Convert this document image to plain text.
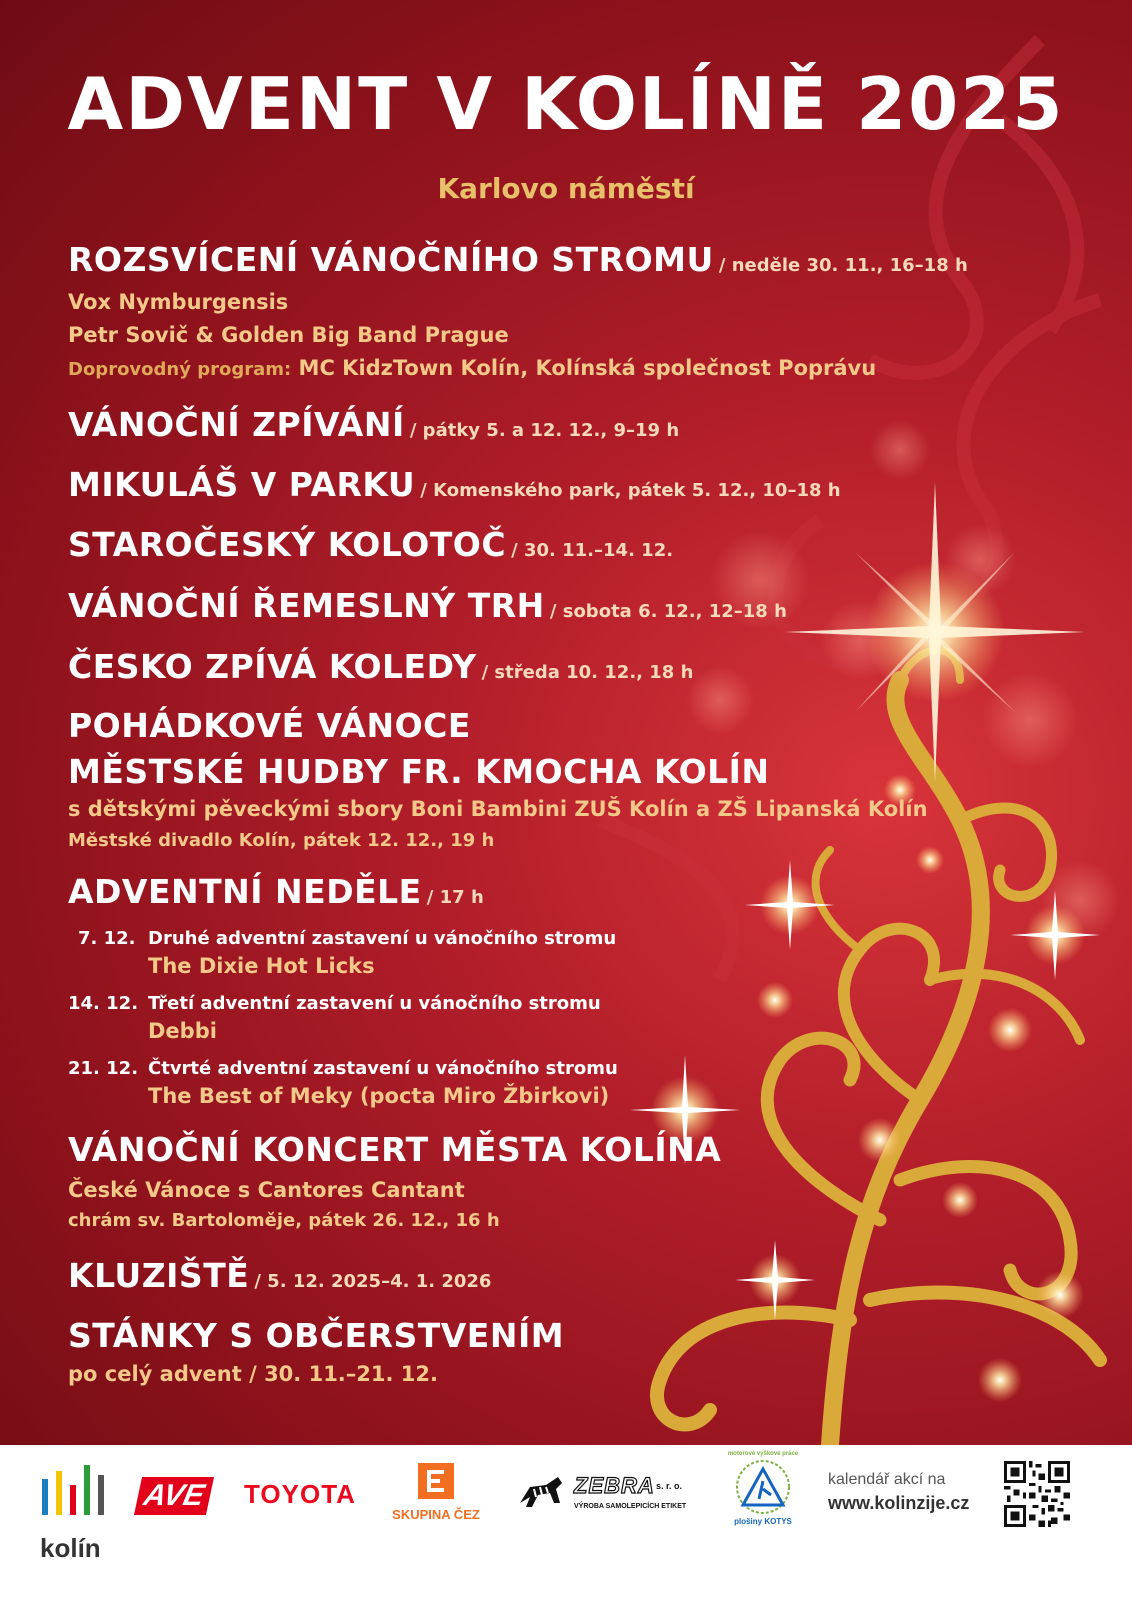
ADVENT V KOLÍNĚ 2025
Karlovo náměstí
ROZSVÍCENÍ VÁNOČNÍHO STROMU / neděle 30. 11., 16–18 h
Vox Nymburgensis
Petr Sovič & Golden Big Band Prague
Doprovodný program: MC KidzTown Kolín, Kolínská společnost Poprávu
VÁNOČNÍ ZPÍVÁNÍ / pátky 5. a 12. 12., 9–19 h
MIKULÁŠ V PARKU / Komenského park, pátek 5. 12., 10–18 h
STAROČESKÝ KOLOTOČ / 30. 11.–14. 12.
VÁNOČNÍ ŘEMESLNÝ TRH / sobota 6. 12., 12–18 h
ČESKO ZPÍVÁ KOLEDY / středa 10. 12., 18 h
POHÁDKOVÉ VÁNOCE
MĚSTSKÉ HUDBY FR. KMOCHA KOLÍN
s dětskými pěveckými sbory Boni Bambini ZUŠ Kolín a ZŠ Lipanská Kolín
Městské divadlo Kolín, pátek 12. 12., 19 h
ADVENTNÍ NEDĚLE / 17 h
7. 12. Druhé adventní zastavení u vánočního stromu
The Dixie Hot Licks
14. 12. Třetí adventní zastavení u vánočního stromu
Debbi
21. 12. Čtvrté adventní zastavení u vánočního stromu
The Best of Meky (pocta Miro Žbirkovi)
VÁNOČNÍ KONCERT MĚSTA KOLÍNA
České Vánoce s Cantores Cantant
chrám sv. Bartoloměje, pátek 26. 12., 16 h
KLUZIŠTĚ / 5. 12. 2025–4. 1. 2026
STÁNKY S OBČERSTVENÍM
po celý advent / 30. 11.–21. 12.
kolín
AVE TOYOTA
SKUPINA ČEZ
ZEBRA s. r. o.
VÝROBA SAMOLEPICÍCH ETIKET
motorové výškové práce
plošiny KOTYS
kalendář akcí na
www.kolinzije.cz
